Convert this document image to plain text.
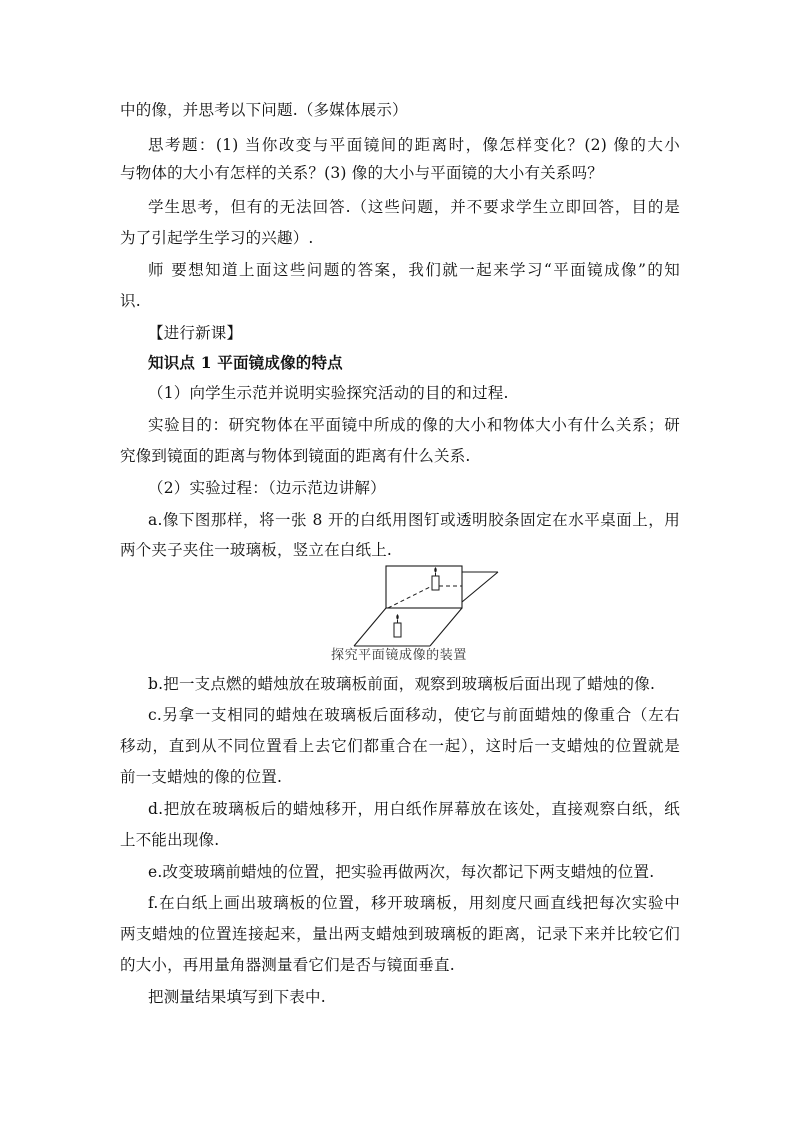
中的像，并思考以下问题.（多媒体展示）
思考题：(1) 当你改变与平面镜间的距离时，像怎样变化？(2) 像的大小
与物体的大小有怎样的关系？(3) 像的大小与平面镜的大小有关系吗？
学生思考，但有的无法回答.（这些问题，并不要求学生立即回答，目的是
为了引起学生学习的兴趣）.
师 要想知道上面这些问题的答案，我们就一起来学习“平面镜成像”的知
识.
【进行新课】
知识点 1 平面镜成像的特点
（1）向学生示范并说明实验探究活动的目的和过程.
实验目的：研究物体在平面镜中所成的像的大小和物体大小有什么关系；研
究像到镜面的距离与物体到镜面的距离有什么关系.
（2）实验过程：（边示范边讲解）
a.像下图那样，将一张 8 开的白纸用图钉或透明胶条固定在水平桌面上，用
两个夹子夹住一玻璃板，竖立在白纸上.
探究平面镜成像的装置
b.把一支点燃的蜡烛放在玻璃板前面，观察到玻璃板后面出现了蜡烛的像.
c.另拿一支相同的蜡烛在玻璃板后面移动，使它与前面蜡烛的像重合（左右
移动，直到从不同位置看上去它们都重合在一起），这时后一支蜡烛的位置就是
前一支蜡烛的像的位置.
d.把放在玻璃板后的蜡烛移开，用白纸作屏幕放在该处，直接观察白纸，纸
上不能出现像.
e.改变玻璃前蜡烛的位置，把实验再做两次，每次都记下两支蜡烛的位置.
f.在白纸上画出玻璃板的位置，移开玻璃板，用刻度尺画直线把每次实验中
两支蜡烛的位置连接起来，量出两支蜡烛到玻璃板的距离，记录下来并比较它们
的大小，再用量角器测量看它们是否与镜面垂直.
把测量结果填写到下表中.
